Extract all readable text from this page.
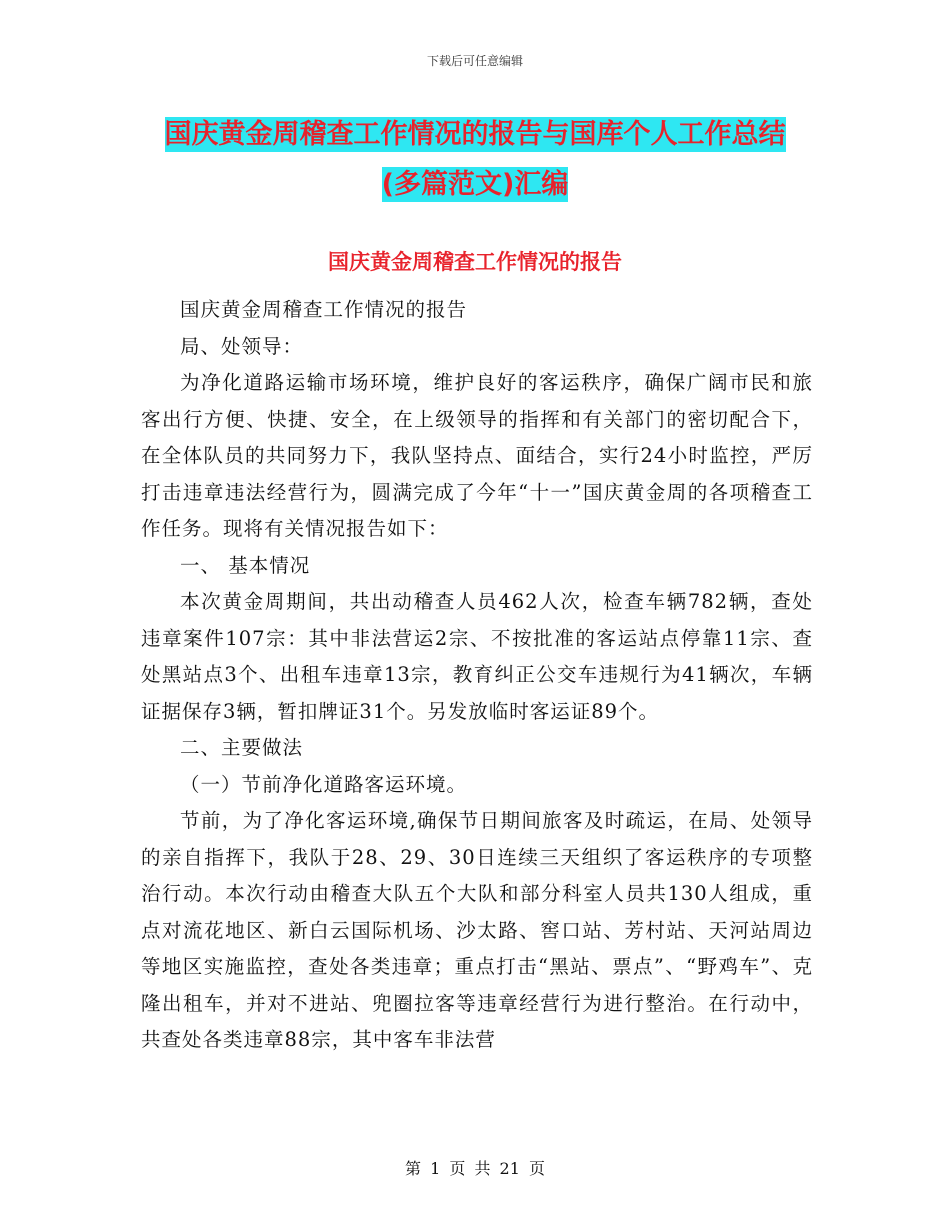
下载后可任意编辑
国庆黄金周稽查工作情况的报告与国库个人工作总结
(多篇范文)汇编
国庆黄金周稽查工作情况的报告

国庆黄金周稽查工作情况的报告

局、处领导：

为净化道路运输市场环境，维护良好的客运秩序，确保广阔市民和旅客出行方便、快捷、安全，在上级领导的指挥和有关部门的密切配合下，在全体队员的共同努力下，我队坚持点、面结合，实行24小时监控，严厉打击违章违法经营行为，圆满完成了今年“十一”国庆黄金周的各项稽查工作任务。现将有关情况报告如下：

一、 基本情况

本次黄金周期间，共出动稽查人员462人次，检查车辆782辆，查处违章案件107宗：其中非法营运2宗、不按批准的客运站点停靠11宗、查处黑站点3个、出租车违章13宗，教育纠正公交车违规行为41辆次，车辆证据保存3辆，暂扣牌证31个。另发放临时客运证89个。

二、主要做法

（一）节前净化道路客运环境。

节前，为了净化客运环境,确保节日期间旅客及时疏运，在局、处领导的亲自指挥下，我队于28、29、30日连续三天组织了客运秩序的专项整治行动。本次行动由稽查大队五个大队和部分科室人员共130人组成，重点对流花地区、新白云国际机场、沙太路、窖口站、芳村站、天河站周边等地区实施监控，查处各类违章；重点打击“黑站、票点”、“野鸡车”、克隆出租车，并对不进站、兜圈拉客等违章经营行为进行整治。在行动中，共查处各类违章88宗，其中客车非法营

第 1 页 共 21 页
